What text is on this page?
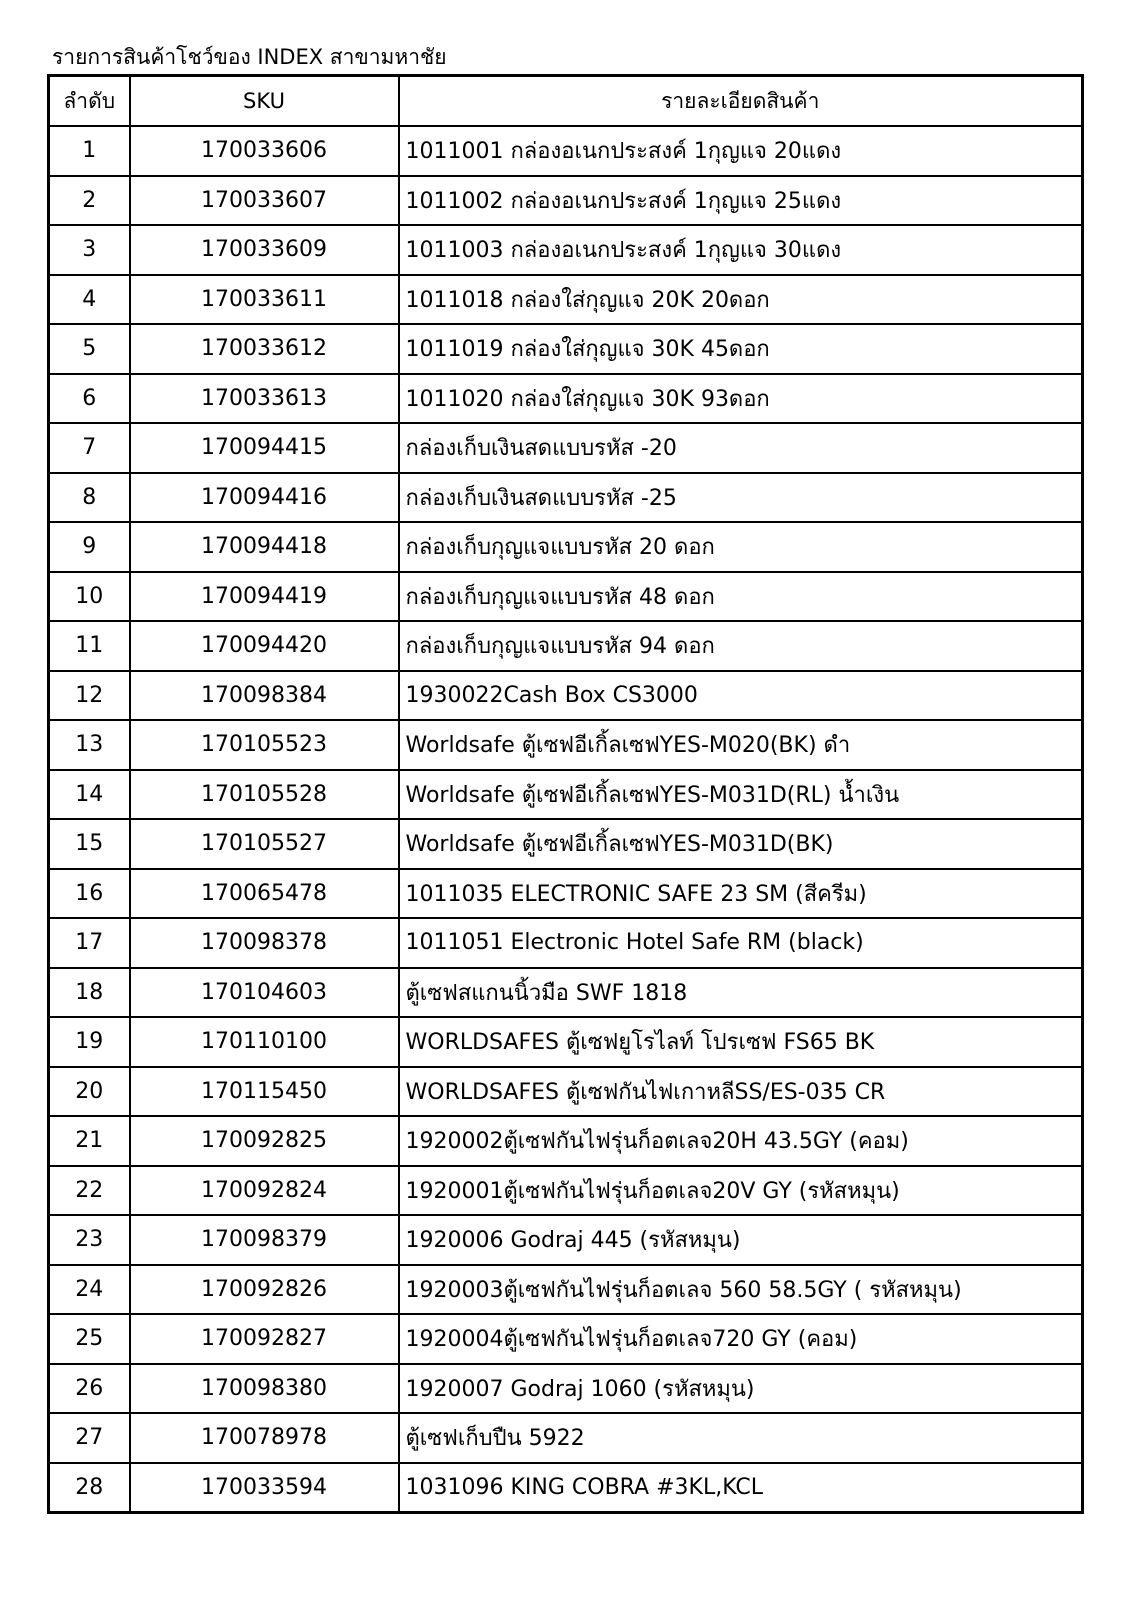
รายการสินค้าโชว์ของ INDEX สาขามหาชัย
ลำดับ	SKU	รายละเอียดสินค้า
1	170033606	1011001 กล่องอเนกประสงค์ 1กุญแจ 20แดง
2	170033607	1011002 กล่องอเนกประสงค์ 1กุญแจ 25แดง
3	170033609	1011003 กล่องอเนกประสงค์ 1กุญแจ 30แดง
4	170033611	1011018 กล่องใส่กุญแจ 20K 20ดอก
5	170033612	1011019 กล่องใส่กุญแจ 30K 45ดอก
6	170033613	1011020 กล่องใส่กุญแจ 30K 93ดอก
7	170094415	กล่องเก็บเงินสดแบบรหัส -20
8	170094416	กล่องเก็บเงินสดแบบรหัส -25
9	170094418	กล่องเก็บกุญแจแบบรหัส 20 ดอก
10	170094419	กล่องเก็บกุญแจแบบรหัส 48 ดอก
11	170094420	กล่องเก็บกุญแจแบบรหัส 94 ดอก
12	170098384	1930022Cash Box CS3000
13	170105523	Worldsafe ตู้เซฟอีเกิ้ลเซฟYES-M020(BK) ดำ
14	170105528	Worldsafe ตู้เซฟอีเกิ้ลเซฟYES-M031D(RL) น้ำเงิน
15	170105527	Worldsafe ตู้เซฟอีเกิ้ลเซฟYES-M031D(BK)
16	170065478	1011035 ELECTRONIC SAFE 23 SM (สีครีม)
17	170098378	1011051 Electronic Hotel Safe RM (black)
18	170104603	ตู้เซฟสแกนนิ้วมือ SWF 1818
19	170110100	WORLDSAFES ตู้เซฟยูโรไลท์ โปรเซฟ FS65 BK
20	170115450	WORLDSAFES ตู้เซฟกันไฟเกาหลีSS/ES-035 CR
21	170092825	1920002ตู้เซฟกันไฟรุ่นก็อตเลจ20H 43.5GY (คอม)
22	170092824	1920001ตู้เซฟกันไฟรุ่นก็อตเลจ20V GY (รหัสหมุน)
23	170098379	1920006 Godraj 445 (รหัสหมุน)
24	170092826	1920003ตู้เซฟกันไฟรุ่นก็อตเลจ 560 58.5GY ( รหัสหมุน)
25	170092827	1920004ตู้เซฟกันไฟรุ่นก็อตเลจ720 GY (คอม)
26	170098380	1920007 Godraj 1060 (รหัสหมุน)
27	170078978	ตู้เซฟเก็บปืน 5922
28	170033594	1031096 KING COBRA #3KL,KCL
